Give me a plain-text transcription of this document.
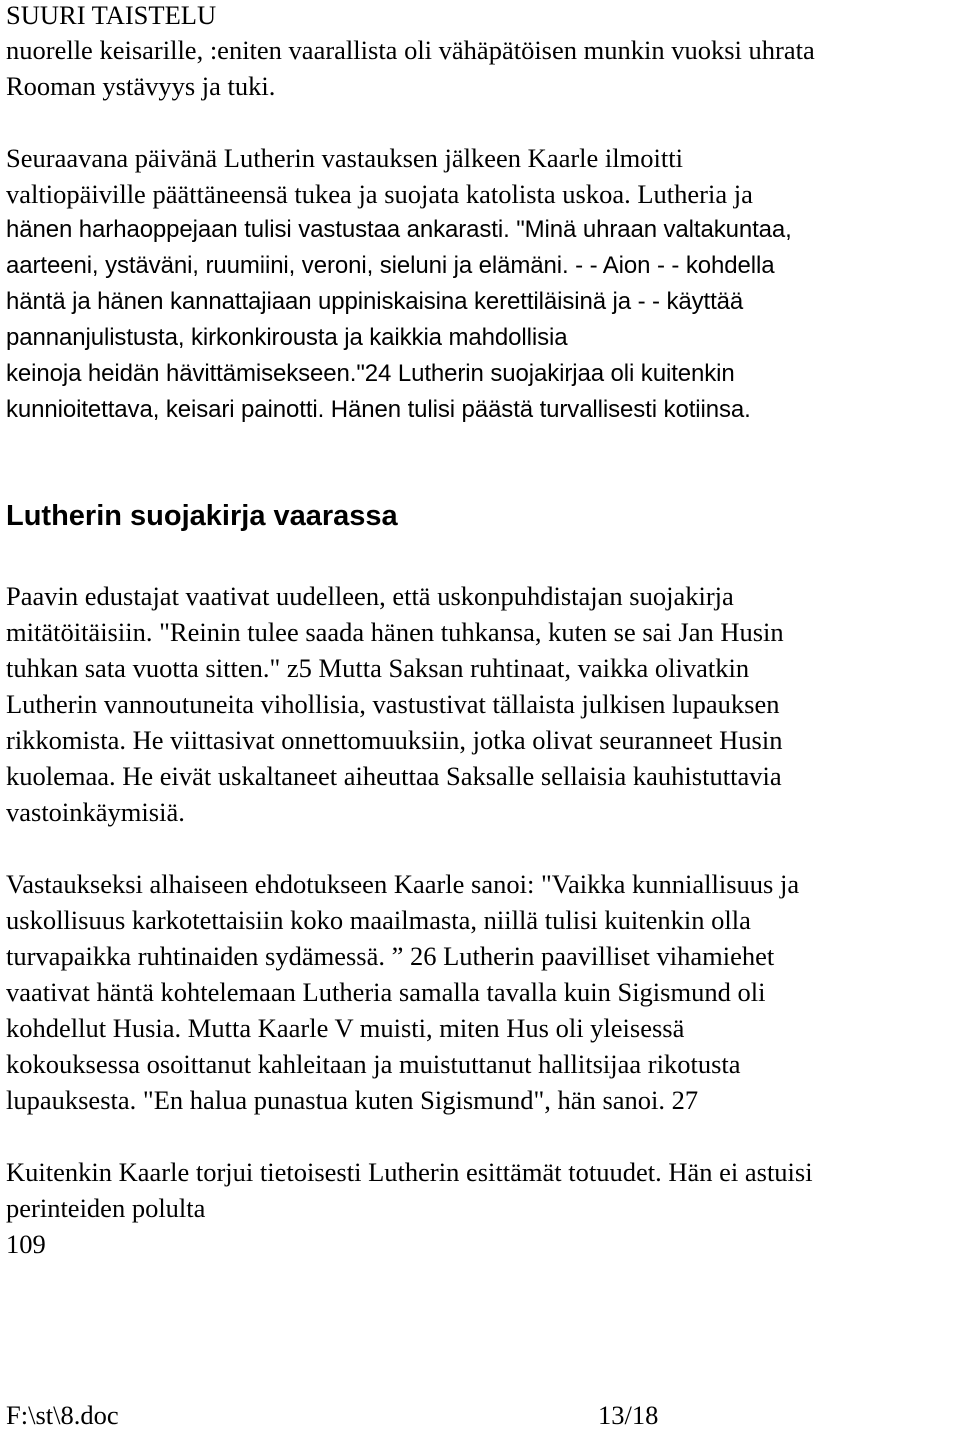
SUURI TAISTELU
nuorelle keisarille, :eniten vaarallista oli vähäpätöisen munkin vuoksi uhrata
Rooman ystävyys ja tuki.
Seuraavana päivänä Lutherin vastauksen jälkeen Kaarle ilmoitti
valtiopäiville päättäneensä tukea ja suojata katolista uskoa. Lutheria ja
hänen harhaoppejaan tulisi vastustaa ankarasti. "Minä uhraan valtakuntaa,
aarteeni, ystäväni, ruumiini, veroni, sieluni ja elämäni. - - Aion - - kohdella
häntä ja hänen kannattajiaan uppiniskaisina kerettiläisinä ja - - käyttää
pannanjulistusta, kirkonkirousta ja kaikkia mahdollisia
keinoja heidän hävittämisekseen."24 Lutherin suojakirjaa oli kuitenkin
kunnioitettava, keisari painotti. Hänen tulisi päästä turvallisesti kotiinsa.
Lutherin suojakirja vaarassa
Paavin edustajat vaativat uudelleen, että uskonpuhdistajan suojakirja
mitätöitäisiin. "Reinin tulee saada hänen tuhkansa, kuten se sai Jan Husin
tuhkan sata vuotta sitten." z5 Mutta Saksan ruhtinaat, vaikka olivatkin
Lutherin vannoutuneita vihollisia, vastustivat tällaista julkisen lupauksen
rikkomista. He viittasivat onnettomuuksiin, jotka olivat seuranneet Husin
kuolemaa. He eivät uskaltaneet aiheuttaa Saksalle sellaisia kauhistuttavia
vastoinkäymisiä.
Vastaukseksi alhaiseen ehdotukseen Kaarle sanoi: "Vaikka kunniallisuus ja
uskollisuus karkotettaisiin koko maailmasta, niillä tulisi kuitenkin olla
turvapaikka ruhtinaiden sydämessä. ” 26 Lutherin paavilliset vihamiehet
vaativat häntä kohtelemaan Lutheria samalla tavalla kuin Sigismund oli
kohdellut Husia. Mutta Kaarle V muisti, miten Hus oli yleisessä
kokouksessa osoittanut kahleitaan ja muistuttanut hallitsijaa rikotusta
lupauksesta. "En halua punastua kuten Sigismund", hän sanoi. 27
Kuitenkin Kaarle torjui tietoisesti Lutherin esittämät totuudet. Hän ei astuisi
perinteiden polulta
109
F:\st\8.doc	13/18
